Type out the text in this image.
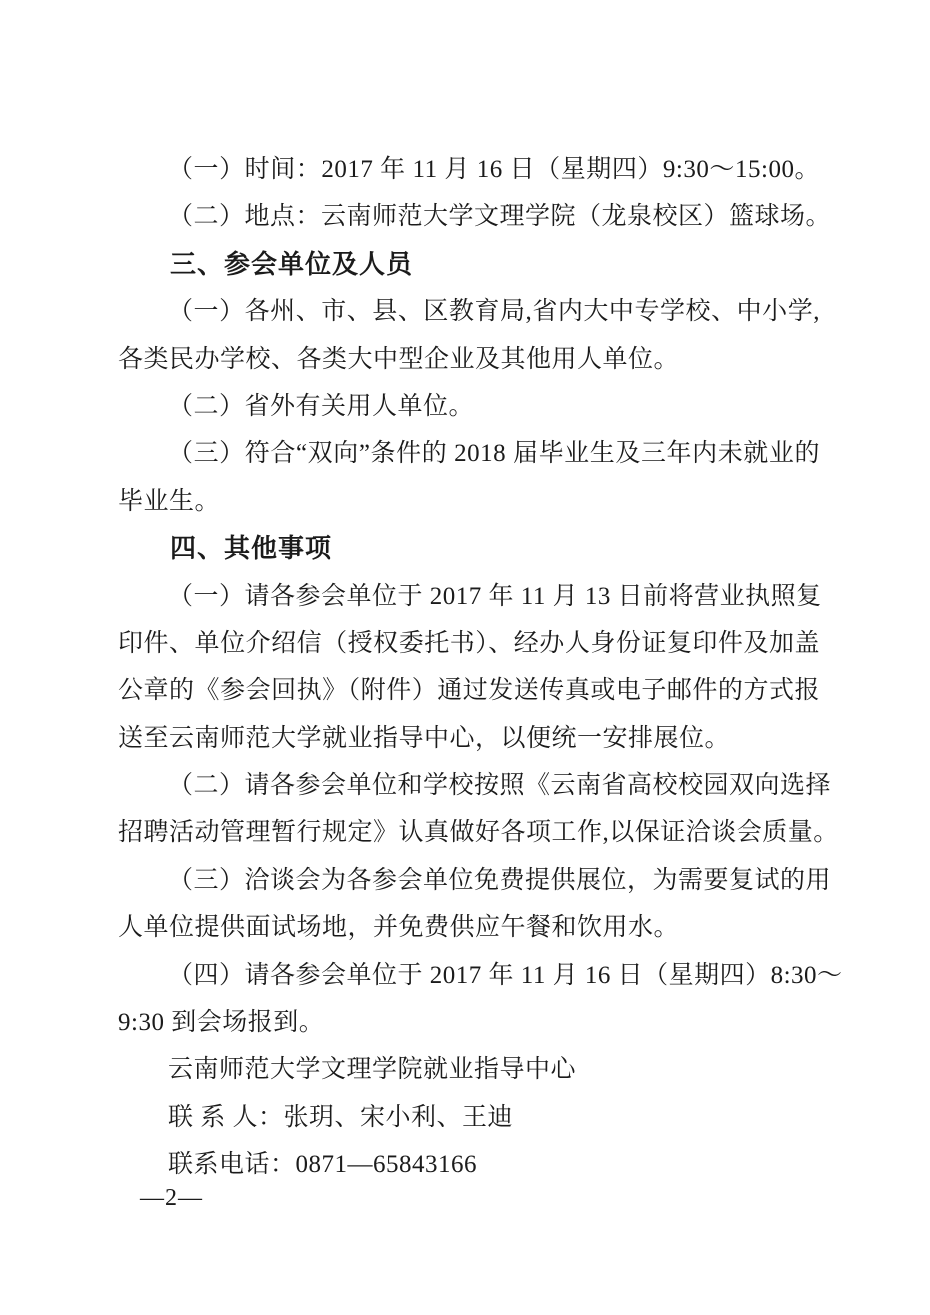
（一）时间：2017 年 11 月 16 日（星期四）9:30～15:00。
（二）地点：云南师范大学文理学院（龙泉校区）篮球场。
三、参会单位及人员
（一）各州、市、县、区教育局,省内大中专学校、中小学,
各类民办学校、各类大中型企业及其他用人单位。
（二）省外有关用人单位。
（三）符合“双向”条件的 2018 届毕业生及三年内未就业的
毕业生。
四、其他事项
（一）请各参会单位于 2017 年 11 月 13 日前将营业执照复
印件、单位介绍信（授权委托书）、经办人身份证复印件及加盖
公章的《参会回执》（附件）通过发送传真或电子邮件的方式报
送至云南师范大学就业指导中心，以便统一安排展位。
（二）请各参会单位和学校按照《云南省高校校园双向选择
招聘活动管理暂行规定》认真做好各项工作,以保证洽谈会质量。
（三）洽谈会为各参会单位免费提供展位，为需要复试的用
人单位提供面试场地，并免费供应午餐和饮用水。
（四）请各参会单位于 2017 年 11 月 16 日（星期四）8:30～
9:30 到会场报到。
云南师范大学文理学院就业指导中心
联 系 人：张玥、宋小利、王迪
联系电话：0871—65843166
—2—
